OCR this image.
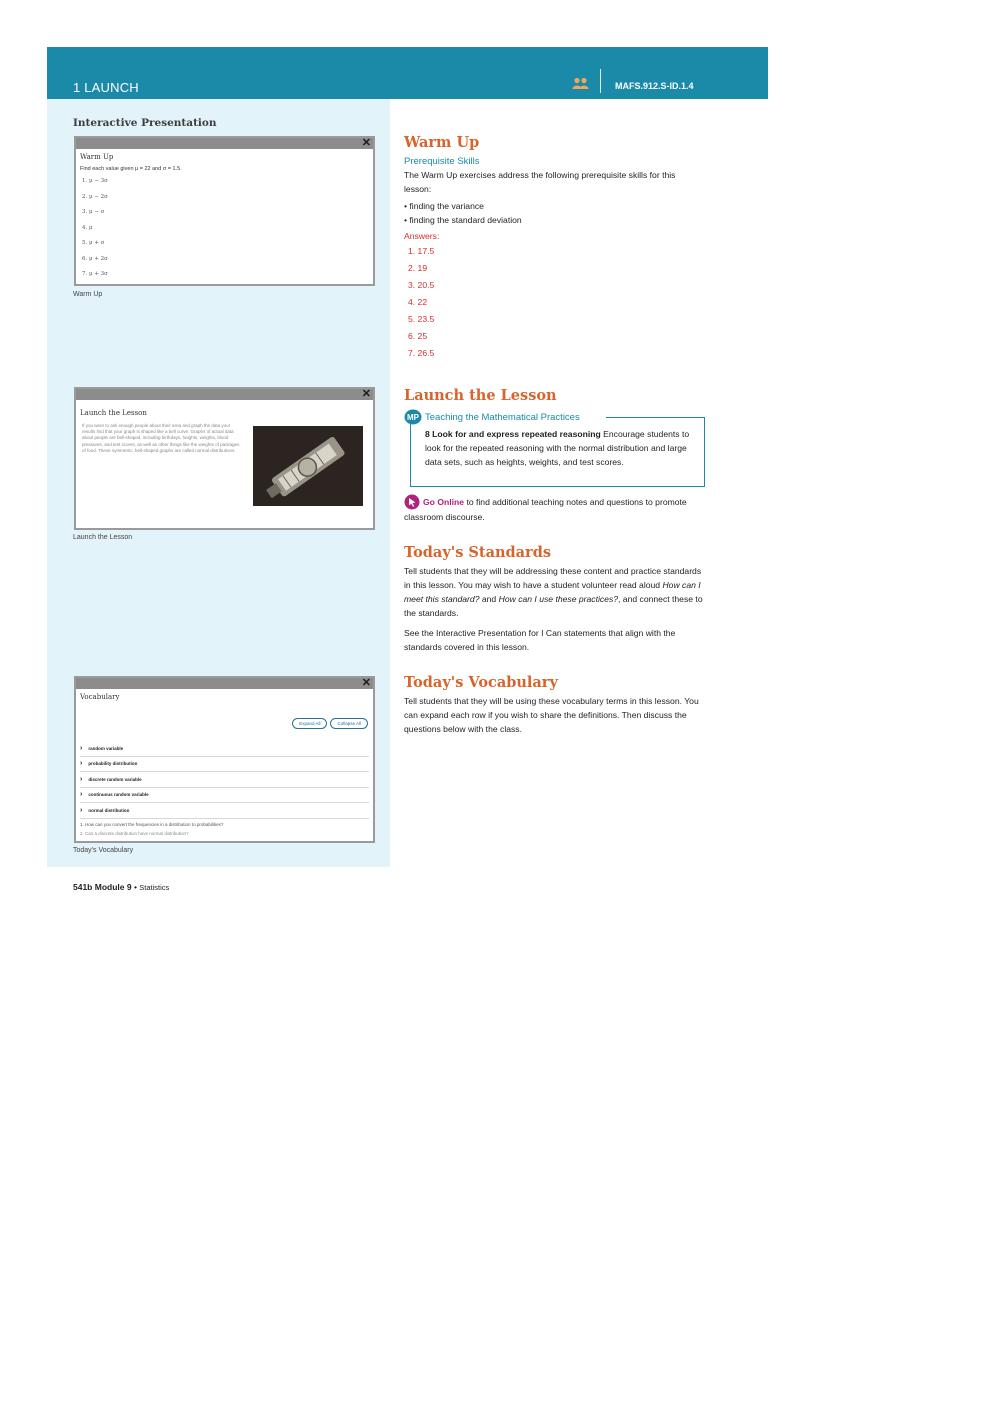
1 LAUNCH	MAFS.912.S-ID.1.4
Interactive Presentation
✕
Warm Up
Find each value given μ = 22 and σ = 1.5.
1. μ − 3σ
2. μ − 2σ
3. μ − σ
4. μ
5. μ + σ
6. μ + 2σ
7. μ + 3σ
Warm Up
✕
Launch the Lesson
If you were to ask enough people about their area and graph the data your results find that your graph is shaped like a bell curve. Graphs of actual data about people are bell-shaped, including birthdays, heights, weights, blood pressures, and test scores, as well as other things like the weights of packages of food. These symmetric, bell-shaped graphs are called normal distributions.
Launch the Lesson
✕
Vocabulary
Expand All	Collapse All
› random variable
› probability distribution
› discrete random variable
› continuous random variable
› normal distribution
1. How can you convert the frequencies in a distribution to probabilities?
2. Can a discrete distribution have normal distribution?
Today's Vocabulary
Warm Up
Prerequisite Skills
The Warm Up exercises address the following prerequisite skills for this lesson:
• finding the variance
• finding the standard deviation
Answers:
1. 17.5
2. 19
3. 20.5
4. 22
5. 23.5
6. 25
7. 26.5
Launch the Lesson
MP Teaching the Mathematical Practices
8 Look for and express repeated reasoning Encourage students to look for the repeated reasoning with the normal distribution and large data sets, such as heights, weights, and test scores.
Go Online to find additional teaching notes and questions to promote classroom discourse.
Today's Standards

Tell students that they will be addressing these content and practice standards in this lesson. You may wish to have a student volunteer read aloud How can I meet this standard? and How can I use these practices?, and connect these to the standards.

See the Interactive Presentation for I Can statements that align with the standards covered in this lesson.

Today's Vocabulary

Tell students that they will be using these vocabulary terms in this lesson. You can expand each row if you wish to share the definitions. Then discuss the questions below with the class.

541b Module 9 • Statistics
